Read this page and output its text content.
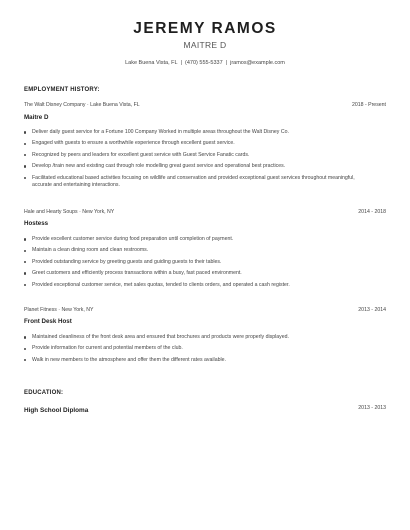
JEREMY RAMOS
MAITRE D
Lake Buena Vista, FL | (470) 555-5337 | jramos@example.com
EMPLOYMENT HISTORY:
The Walt Disney Company · Lake Buena Vista, FL	2018 - Present
Maitre D
Deliver daily guest service for a Fortune 100 Company Worked in multiple areas throughout the Walt Disney Co.
Engaged with guests to ensure a worthwhile experience through excellent guest service.
Recognized by peers and leaders for excellent guest service with Guest Service Fanatic cards.
Develop /train new and existing cast through role modelling great guest service and operational best practices.
Facilitated educational based activities focusing on wildlife and conservation and provided exceptional guest services throughout meaningful, accurate and entertaining interactions.
Hale and Hearty Soups · New York, NY	2014 - 2018
Hostess
Provide excellent customer service during food preparation until completion of payment.
Maintain a clean dining room and clean restrooms.
Provided outstanding service by greeting guests and guiding guests to their tables.
Greet customers and efficiently process transactions within a busy, fast paced environment.
Provided exceptional customer service, met sales quotas, tended to clients orders, and operated a cash register.
Planet Fitness · New York, NY	2013 - 2014
Front Desk Host
Maintained cleanliness of the front desk area and ensured that brochures and products were properly displayed.
Provide information for current and potential members of the club.
Walk in new members to the atmosphere and offer them the different rates available.
EDUCATION:
High School Diploma	2013 - 2013
